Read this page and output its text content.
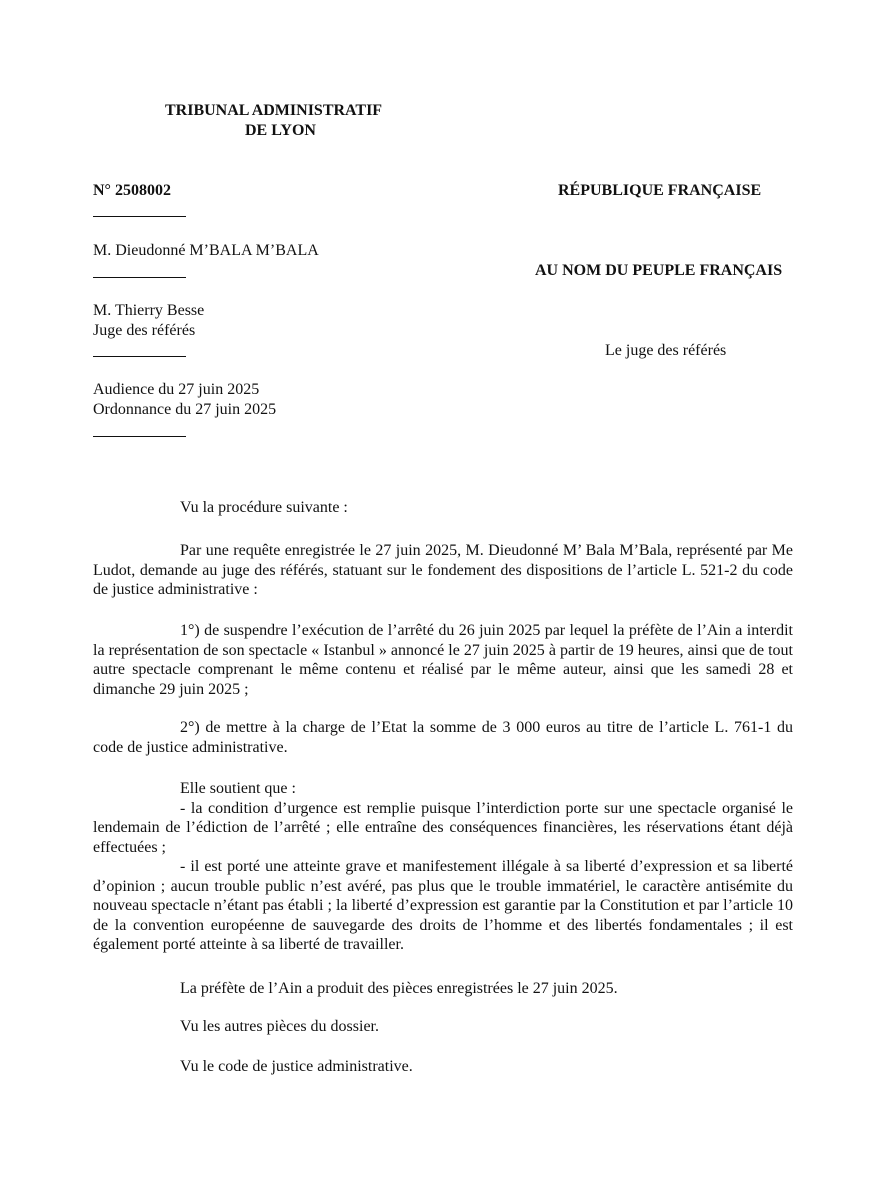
TRIBUNAL ADMINISTRATIF
DE LYON
N° 2508002	RÉPUBLIQUE FRANÇAISE
M. Dieudonné M’BALA M’BALA
AU NOM DU PEUPLE FRANÇAIS
M. Thierry Besse
Juge des référés
Le juge des référés
Audience du 27 juin 2025
Ordonnance du 27 juin 2025

Vu la procédure suivante :

Par une requête enregistrée le 27 juin 2025, M. Dieudonné M’ Bala M’Bala, représenté par Me Ludot, demande au juge des référés, statuant sur le fondement des dispositions de l’article L. 521-2 du code de justice administrative :

1°) de suspendre l’exécution de l’arrêté du 26 juin 2025 par lequel la préfète de l’Ain a interdit la représentation de son spectacle « Istanbul » annoncé le 27 juin 2025 à partir de 19 heures, ainsi que de tout autre spectacle comprenant le même contenu et réalisé par le même auteur, ainsi que les samedi 28 et dimanche 29 juin 2025 ;

2°) de mettre à la charge de l’Etat la somme de 3 000 euros au titre de l’article L. 761-1 du code de justice administrative.

Elle soutient que :

- la condition d’urgence est remplie puisque l’interdiction porte sur une spectacle organisé le lendemain de l’édiction de l’arrêté ; elle entraîne des conséquences financières, les réservations étant déjà effectuées ;

- il est porté une atteinte grave et manifestement illégale à sa liberté d’expression et sa liberté d’opinion ; aucun trouble public n’est avéré, pas plus que le trouble immatériel, le caractère antisémite du nouveau spectacle n’étant pas établi ; la liberté d’expression est garantie par la Constitution et par l’article 10 de la convention européenne de sauvegarde des droits de l’homme et des libertés fondamentales ; il est également porté atteinte à sa liberté de travailler.

La préfète de l’Ain a produit des pièces enregistrées le 27 juin 2025.

Vu les autres pièces du dossier.

Vu le code de justice administrative.
